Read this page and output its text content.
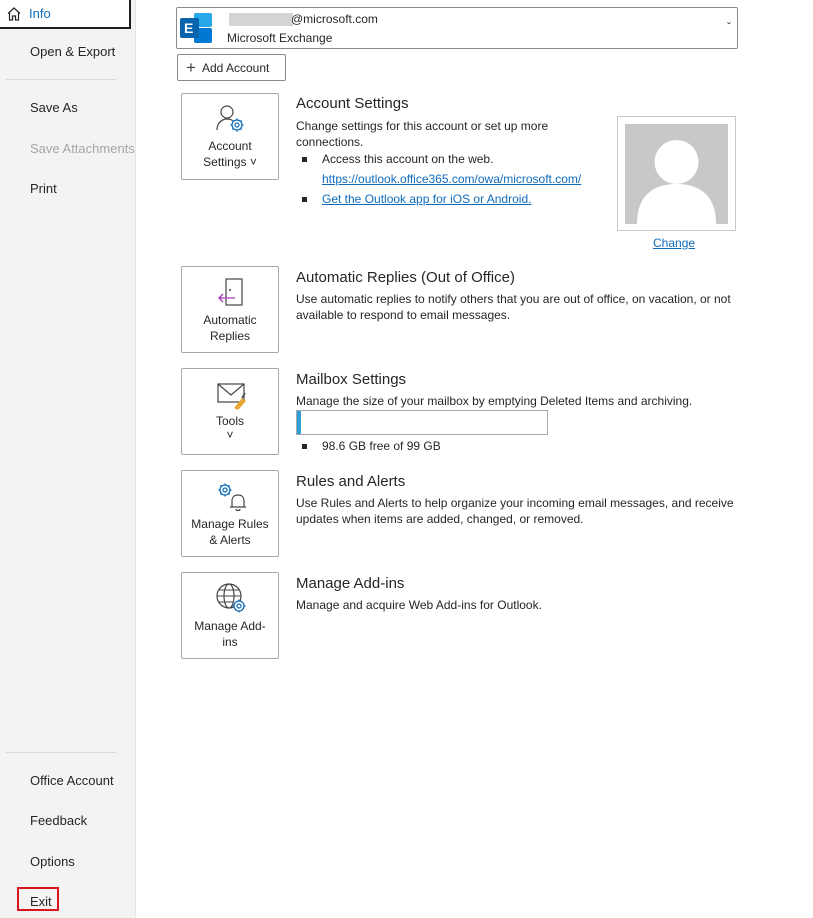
Info
Open & Export
Save As
Save Attachments
Print
Office Account
Feedback
Options
Exit
E
@microsoft.com
Microsoft Exchange
ˇ
+ Add Account
Account
Settings ˅
Account Settings
Change settings for this account or set up more connections.
Access this account on the web.
https://outlook.office365.com/owa/microsoft.com/
Get the Outlook app for iOS or Android.
Change
Automatic
Replies
Automatic Replies (Out of Office)
Use automatic replies to notify others that you are out of office, on vacation, or not available to respond to email messages.
Tools
˅
Mailbox Settings
Manage the size of your mailbox by emptying Deleted Items and archiving.
98.6 GB free of 99 GB
Manage Rules
& Alerts
Rules and Alerts
Use Rules and Alerts to help organize your incoming email messages, and receive updates when items are added, changed, or removed.
Manage Add-
ins
Manage Add-ins
Manage and acquire Web Add-ins for Outlook.
